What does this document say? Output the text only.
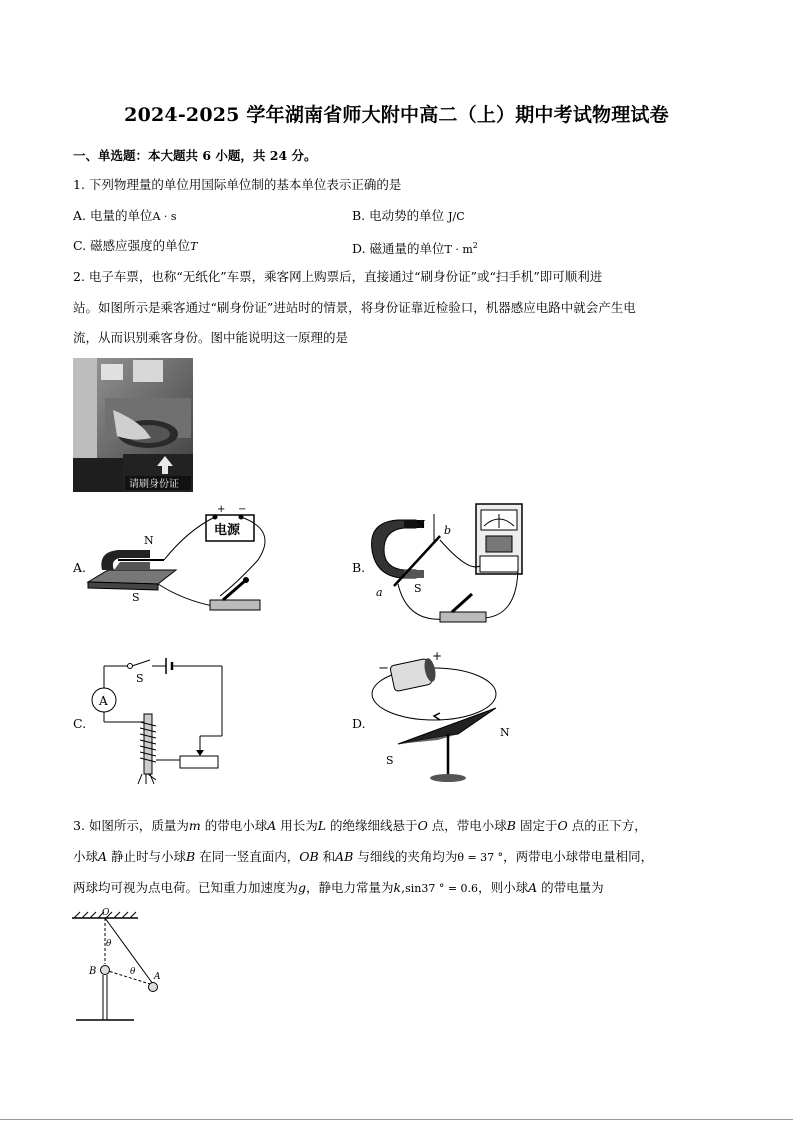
2024-2025 学年湖南省师大附中高二（上）期中考试物理试卷
一、单选题：本大题共 6 小题，共 24 分。
1. 下列物理量的单位用国际单位制的基本单位表示正确的是
A. 电量的单位A · s	B. 电动势的单位 J/C
C. 磁感应强度的单位T	D. 磁通量的单位$T \cdot m^2$
2. 电子车票，也称“无纸化”车票，乘客网上购票后，直接通过“刷身份证”或“扫手机”即可顺利进
站。如图所示是乘客通过“刷身份证”进站时的情景，将身份证靠近检验口，机器感应电路中就会产生电
流，从而识别乘客身份。图中能说明这一原理的是
请刷身份证
A.
电源
+ −
N
S
B.
N
S
a
b
C.
S
A
D.
−
+
N
S
3. 如图所示，质量为m 的带电小球A 用长为L 的绝缘细线悬于O 点，带电小球B 固定于O 点的正下方，
小球A 静止时与小球B 在同一竖直面内，OB 和AB 与细线的夹角均为θ = 37 °，两带电小球带电量相同，
两球均可视为点电荷。已知重力加速度为g，静电力常量为k,sin37 ° = 0.6，则小球A 的带电量为
O
θ
θ
B	A
